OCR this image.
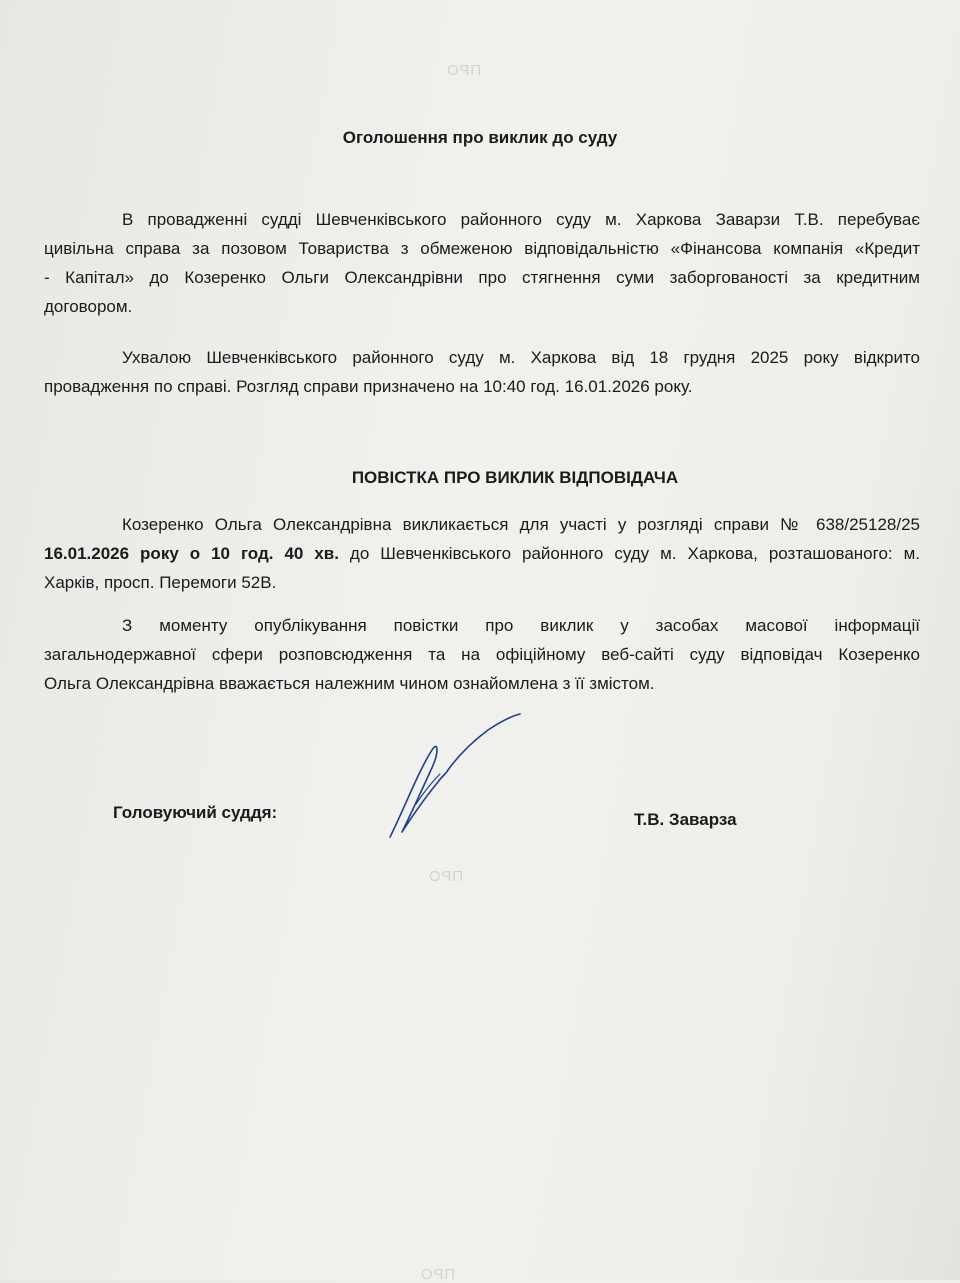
ПРО
ПРО
ПРО
Оголошення про виклик до суду
В провадженні судді Шевченківського районного суду м. Харкова Заварзи Т.В. перебуває
цивільна справа за позовом Товариства з обмеженою відповідальністю «Фінансова компанія «Кредит
- Капітал» до Козеренко Ольги Олександрівни про стягнення суми заборгованості за кредитним
договором.
Ухвалою Шевченківського районного суду м. Харкова від 18 грудня 2025 року відкрито
провадження по справі. Розгляд справи призначено на 10:40 год. 16.01.2026 року.
ПОВІСТКА ПРО ВИКЛИК ВІДПОВІДАЧА
Козеренко Ольга Олександрівна викликається для участі у розгляді справи № 638/25128/25
16.01.2026 року о 10 год. 40 хв. до Шевченківського районного суду м. Харкова, розташованого: м.
Харків, просп. Перемоги 52В.
З моменту опублікування повістки про виклик у засобах масової інформації
загальнодержавної сфери розповсюдження та на офіційному веб-сайті суду відповідач Козеренко
Ольга Олександрівна вважається належним чином ознайомлена з її змістом.
Головуючий суддя:	Т.В. Заварза
